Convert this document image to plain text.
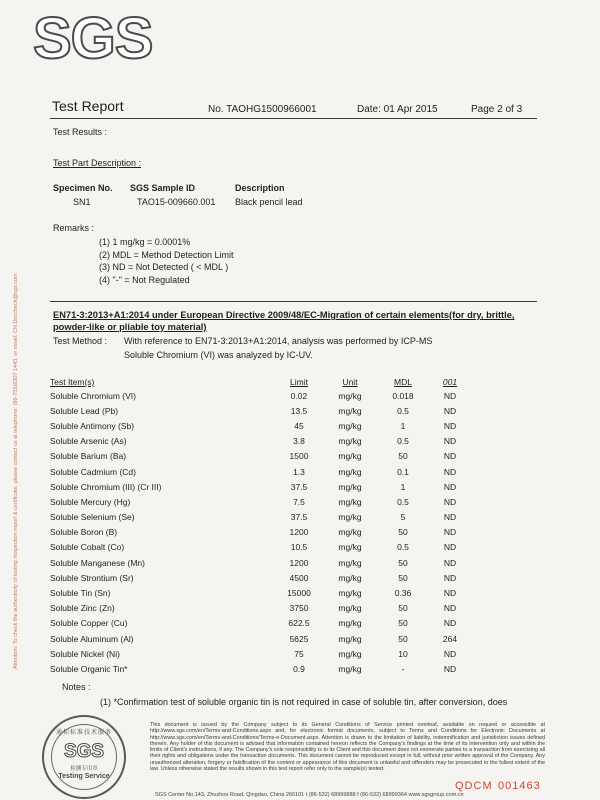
SGS
Attention: To check the authenticity of testing /inspection report & certificate, please contact us at telephone: (86-755)8307 1443, or email: CN.Doccheck@sgs.com
Test Report	No. TAOHG1500966001	Date: 01 Apr 2015	Page 2 of 3
Test Results :
Test Part Description :
Specimen No. SGS Sample ID	Description
SN1	TAO15-009660.001 Black pencil lead
Remarks :
(1) 1 mg/kg = 0.0001%
(2) MDL = Method Detection Limit
(3) ND = Not Detected ( < MDL )
(4) "-" = Not Regulated
EN71-3:2013+A1:2014 under European Directive 2009/48/EC-Migration of certain elements(for dry, brittle, powder-like or pliable toy material)
Test Method : With reference to EN71-3:2013+A1:2014, analysis was performed by ICP-MS
Soluble Chromium (VI) was analyzed by IC-UV.
Test Item(s)	Limit	Unit	MDL	001
Soluble Chromium (VI)	0.02	mg/kg	0.018	ND
Soluble Lead (Pb)	13.5	mg/kg	0.5	ND
Soluble Antimony (Sb)	45	mg/kg	1	ND
Soluble Arsenic (As)	3.8	mg/kg	0.5	ND
Soluble Barium (Ba)	1500	mg/kg	50	ND
Soluble Cadmium (Cd)	1.3	mg/kg	0.1	ND
Soluble Chromium (III) (Cr III)	37.5	mg/kg	1	ND
Soluble Mercury (Hg)	7.5	mg/kg	0.5	ND
Soluble Selenium (Se)	37.5	mg/kg	5	ND
Soluble Boron (B)	1200	mg/kg	50	ND
Soluble Cobalt (Co)	10.5	mg/kg	0.5	ND
Soluble Manganese (Mn)	1200	mg/kg	50	ND
Soluble Strontium (Sr)	4500	mg/kg	50	ND
Soluble Tin (Sn)	15000	mg/kg	0.36	ND
Soluble Zinc (Zn)	3750	mg/kg	50	ND
Soluble Copper (Cu)	622.5	mg/kg	50	ND
Soluble Aluminum (Al)	5625	mg/kg	50	264
Soluble Nickel (Ni)	75	mg/kg	10	ND
Soluble Organic Tin*	0.9	mg/kg	-	ND
Notes :
(1) *Confirmation test of soluble organic tin is not required in case of soluble tin, after conversion, does
通标标准技术服务
SGS
检测专用章
Testing Service
This document is issued by the Company subject to its General Conditions of Service printed overleaf, available on request or accessible at http://www.sgs.com/en/Terms-and-Conditions.aspx and, for electronic format documents, subject to Terms and Conditions for Electronic Documents at http://www.sgs.com/en/Terms-and-Conditions/Terms-e-Document.aspx. Attention is drawn to the limitation of liability, indemnification and jurisdiction issues defined therein. Any holder of this document is advised that information contained hereon reflects the Company's findings at the time of its intervention only and within the limits of Client's instructions, if any. The Company's sole responsibility is to its Client and this document does not exonerate parties to a transaction from exercising all their rights and obligations under the transaction documents. This document cannot be reproduced except in full, without prior written approval of the Company. Any unauthorized alteration, forgery or falsification of the content or appearance of this document is unlawful and offenders may be prosecuted to the fullest extent of the law. Unless otherwise stated the results shown in this test report refer only to the sample(s) tested.
QDCM 001463
SGS Center No.143, Zhuzhou Road, Qingdao, China 266101 t (86-532) 68999888 f (86-532) 68999364 www.sgsgroup.com.cn
